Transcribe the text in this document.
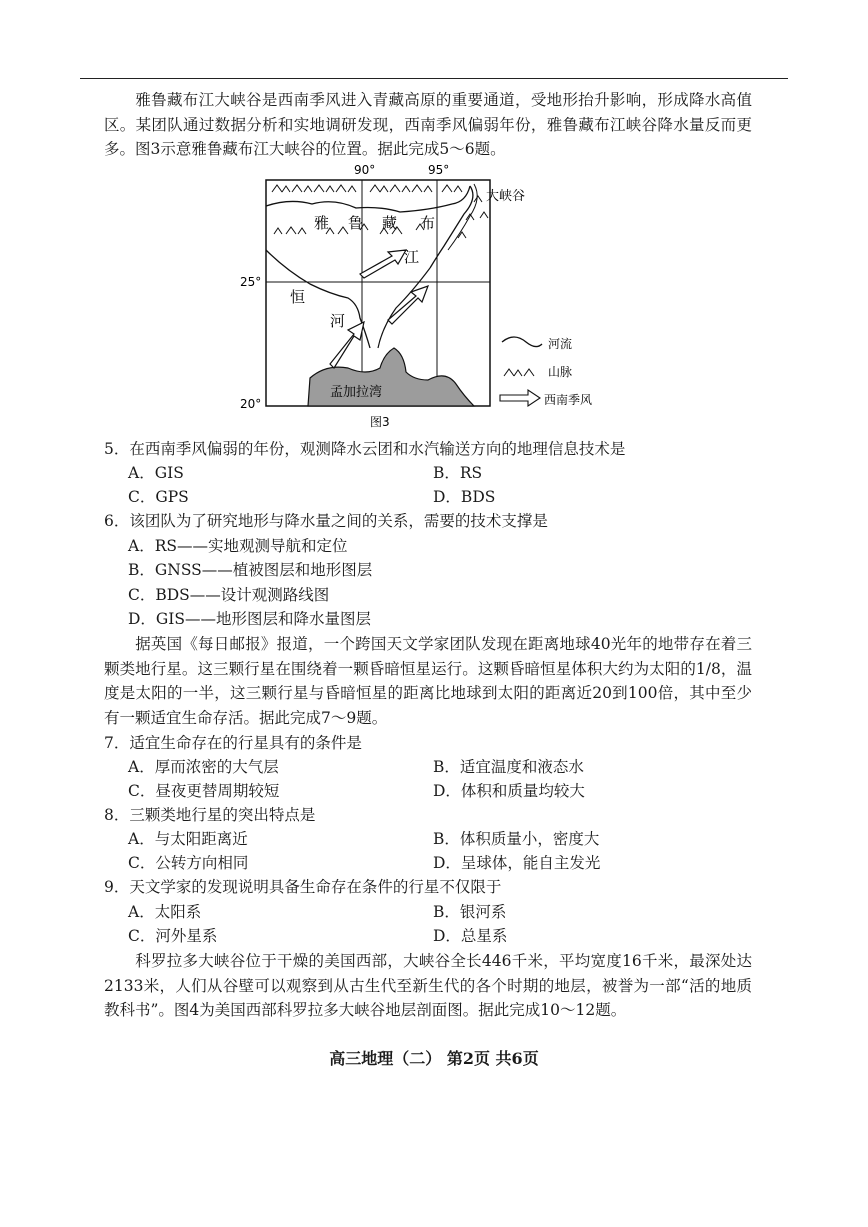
雅鲁藏布江大峡谷是西南季风进入青藏高原的重要通道，受地形抬升影响，形成降水高值区。某团队通过数据分析和实地调研发现，西南季风偏弱年份，雅鲁藏布江峡谷降水量反而更多。图3示意雅鲁藏布江大峡谷的位置。据此完成5～6题。

90°	95°
25°
20°
大峡谷
雅 鲁 藏 布
江
恒
河
孟加拉湾
图3
河流
山脉
西南季风
5．在西南季风偏弱的年份，观测降水云团和水汽输送方向的地理信息技术是
A．GIS	B．RS
C．GPS	D．BDS
6．该团队为了研究地形与降水量之间的关系，需要的技术支撑是
A．RS——实地观测导航和定位
B．GNSS——植被图层和地形图层
C．BDS——设计观测路线图
D．GIS——地形图层和降水量图层

据英国《每日邮报》报道，一个跨国天文学家团队发现在距离地球40光年的地带存在着三颗类地行星。这三颗行星在围绕着一颗昏暗恒星运行。这颗昏暗恒星体积大约为太阳的1/8，温度是太阳的一半，这三颗行星与昏暗恒星的距离比地球到太阳的距离近20到100倍，其中至少有一颗适宜生命存活。据此完成7～9题。

7．适宜生命存在的行星具有的条件是
A．厚而浓密的大气层	B．适宜温度和液态水
C．昼夜更替周期较短	D．体积和质量均较大
8．三颗类地行星的突出特点是
A．与太阳距离近	B．体积质量小，密度大
C．公转方向相同	D．呈球体，能自主发光
9．天文学家的发现说明具备生命存在条件的行星不仅限于
A．太阳系	B．银河系
C．河外星系	D．总星系

科罗拉多大峡谷位于干燥的美国西部，大峡谷全长446千米，平均宽度16千米，最深处达2133米，人们从谷壁可以观察到从古生代至新生代的各个时期的地层，被誉为一部“活的地质教科书”。图4为美国西部科罗拉多大峡谷地层剖面图。据此完成10～12题。

高三地理（二） 第2页 共6页
